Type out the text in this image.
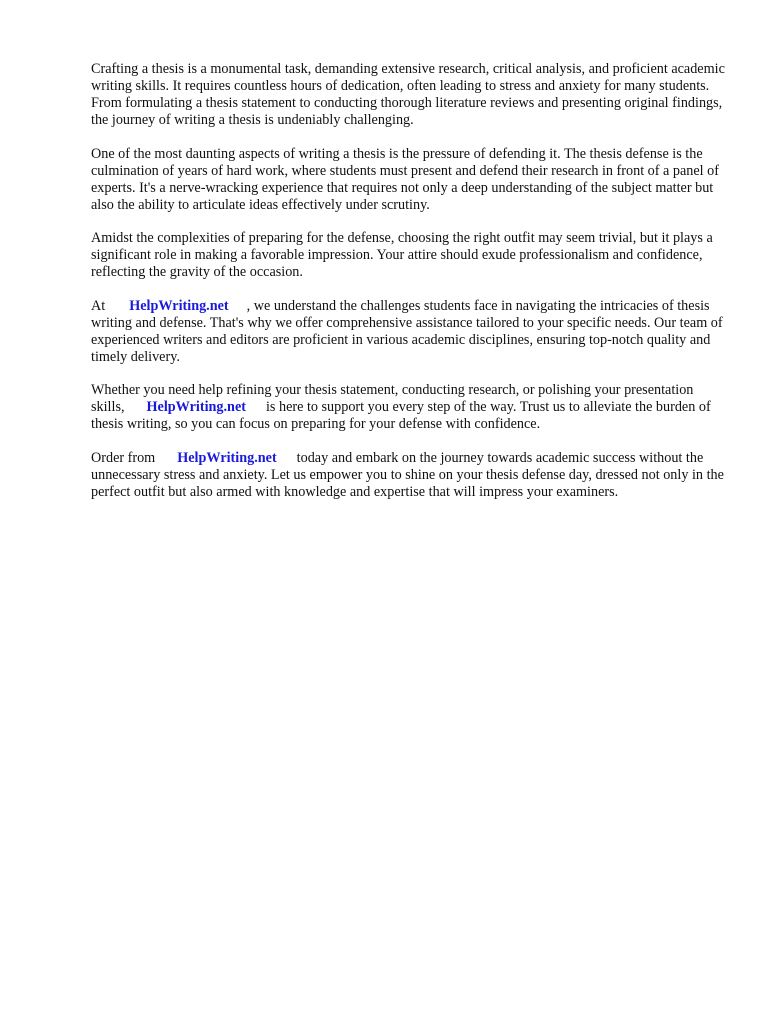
Crafting a thesis is a monumental task, demanding extensive research, critical analysis, and proficient academic writing skills. It requires countless hours of dedication, often leading to stress and anxiety for many students. From formulating a thesis statement to conducting thorough literature reviews and presenting original findings, the journey of writing a thesis is undeniably challenging.

One of the most daunting aspects of writing a thesis is the pressure of defending it. The thesis defense is the culmination of years of hard work, where students must present and defend their research in front of a panel of experts. It's a nerve-wracking experience that requires not only a deep understanding of the subject matter but also the ability to articulate ideas effectively under scrutiny.

Amidst the complexities of preparing for the defense, choosing the right outfit may seem trivial, but it plays a significant role in making a favorable impression. Your attire should exude professionalism and confidence, reflecting the gravity of the occasion.

At HelpWriting.net , we understand the challenges students face in navigating the intricacies of thesis writing and defense. That's why we offer comprehensive assistance tailored to your specific needs. Our team of experienced writers and editors are proficient in various academic disciplines, ensuring top-notch quality and timely delivery.

Whether you need help refining your thesis statement, conducting research, or polishing your presentation skills, HelpWriting.net is here to support you every step of the way. Trust us to alleviate the burden of thesis writing, so you can focus on preparing for your defense with confidence.

Order from HelpWriting.net today and embark on the journey towards academic success without the unnecessary stress and anxiety. Let us empower you to shine on your thesis defense day, dressed not only in the perfect outfit but also armed with knowledge and expertise that will impress your examiners.
